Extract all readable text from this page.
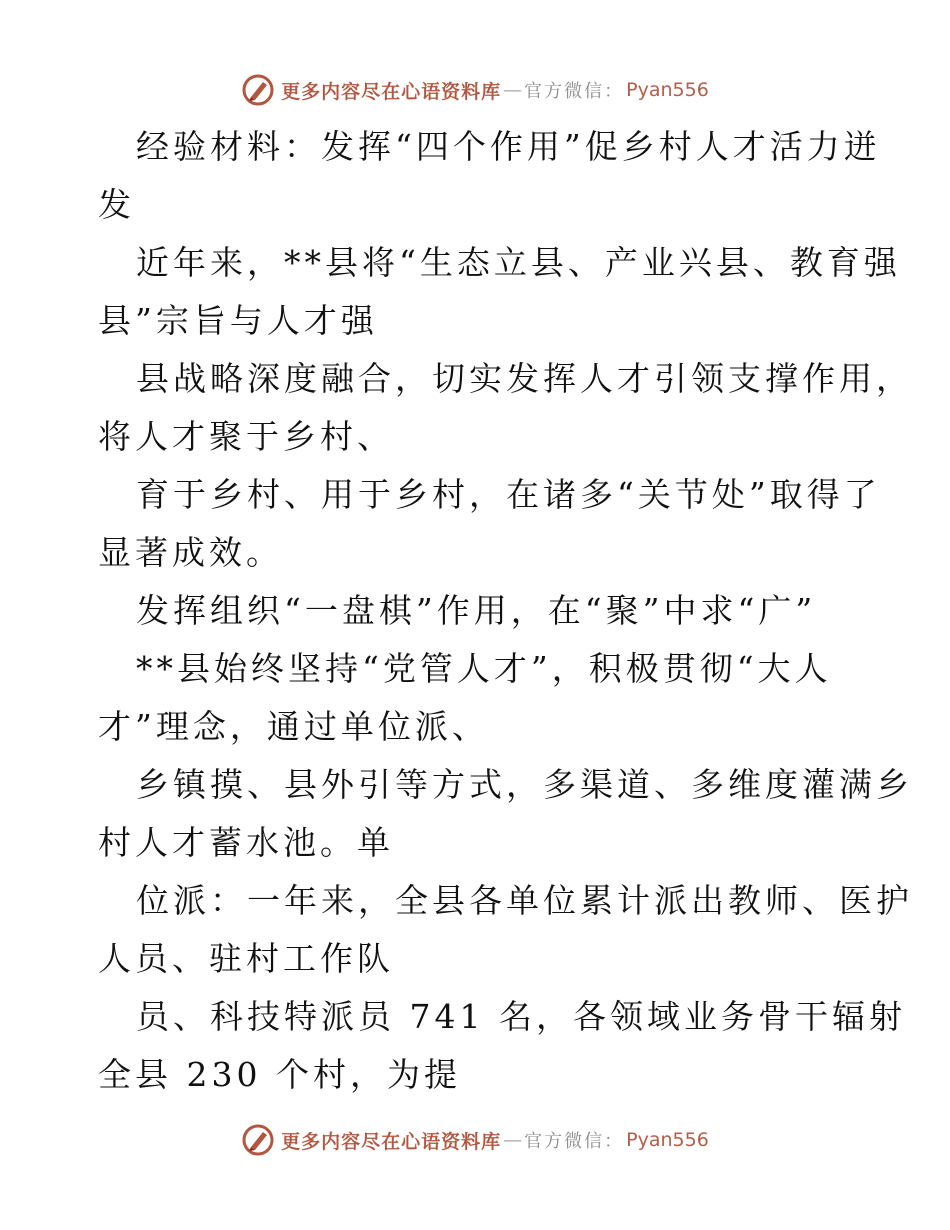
更多内容尽在心语资料库 — 官方微信： Pyan556
经验材料：发挥“四个作用”促乡村人才活力迸
发
近年来，**县将“生态立县、产业兴县、教育强
县”宗旨与人才强
县战略深度融合，切实发挥人才引领支撑作用，
将人才聚于乡村、
育于乡村、用于乡村，在诸多“关节处”取得了
显著成效。
发挥组织“一盘棋”作用，在“聚”中求“广”
**县始终坚持“党管人才”，积极贯彻“大人
才”理念，通过单位派、
乡镇摸、县外引等方式，多渠道、多维度灌满乡
村人才蓄水池。单
位派：一年来，全县各单位累计派出教师、医护
人员、驻村工作队
员、科技特派员 741 名，各领域业务骨干辐射
全县 230 个村，为提
更多内容尽在心语资料库 — 官方微信： Pyan556
